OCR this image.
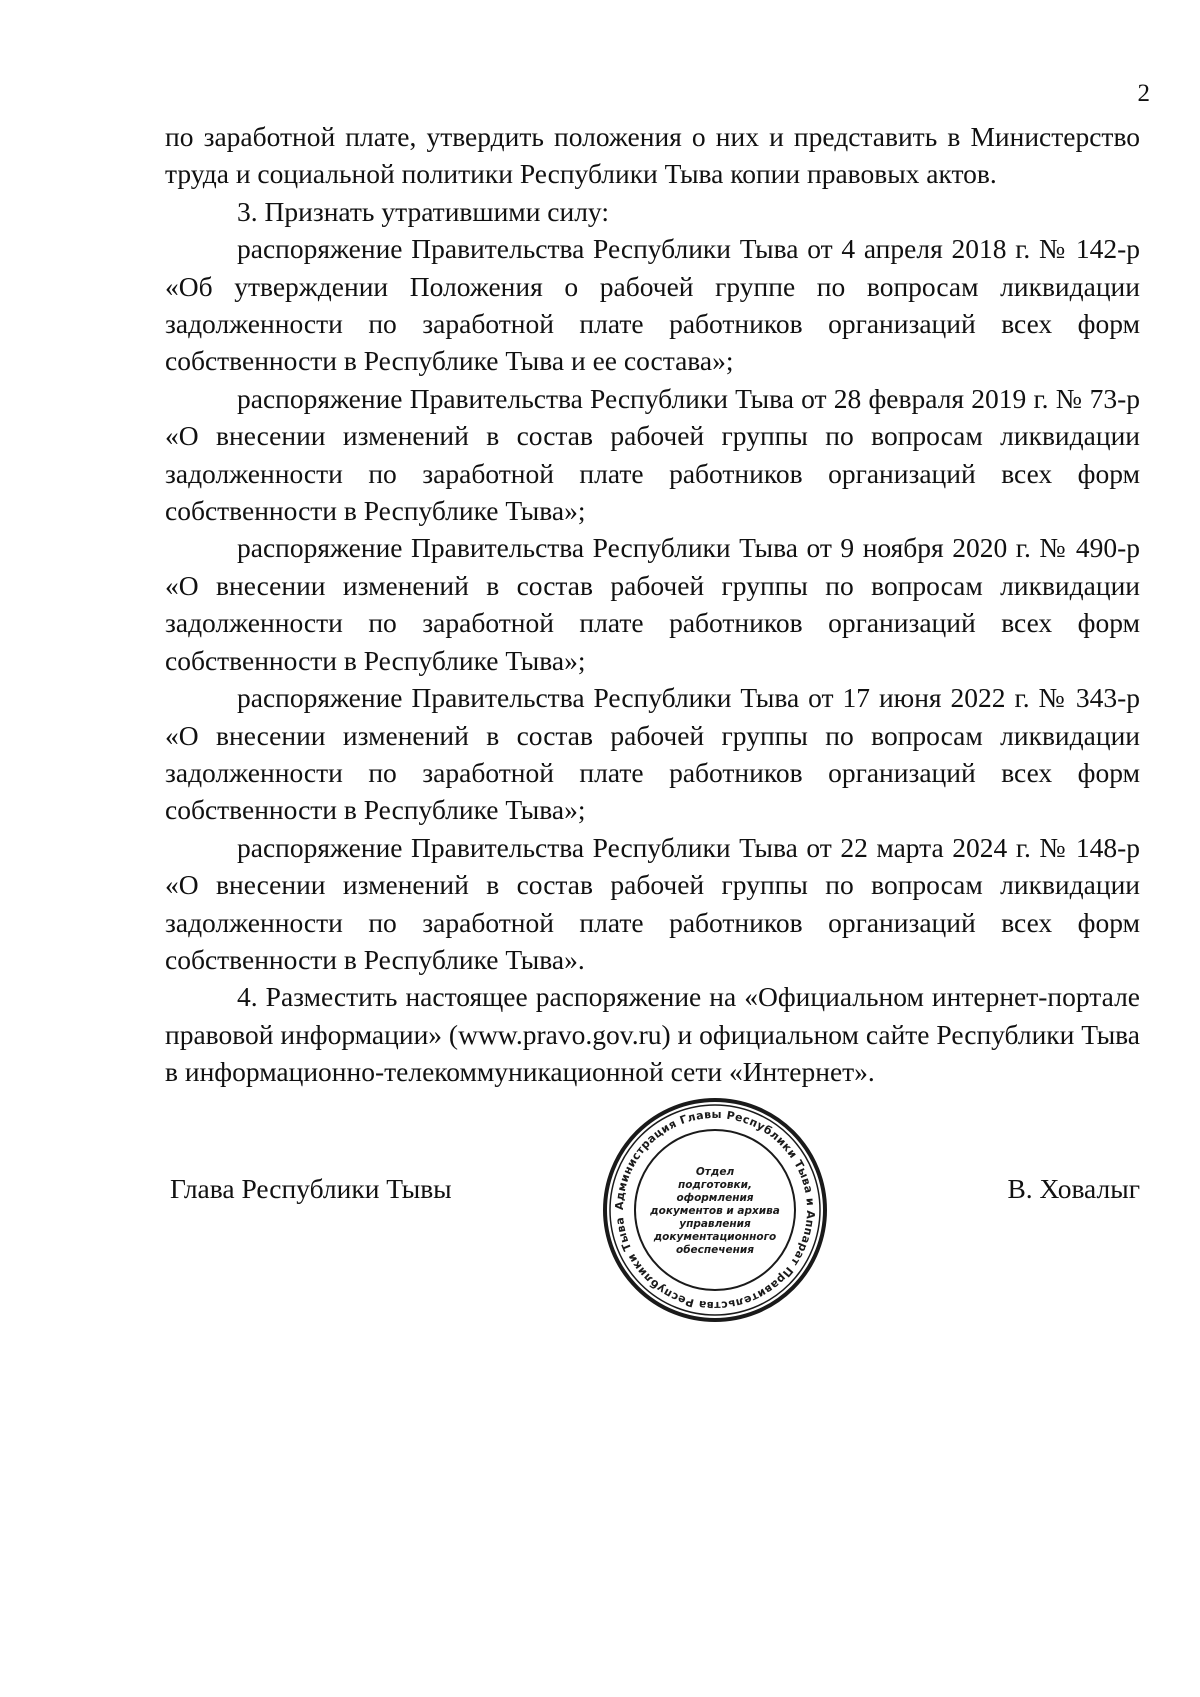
2

по заработной плате, утвердить положения о них и представить в Министерство труда и социальной политики Республики Тыва копии правовых актов.

3. Признать утратившими силу:

распоряжение Правительства Республики Тыва от 4 апреля 2018 г. № 142-р «Об утверждении Положения о рабочей группе по вопросам ликвидации задолженности по заработной плате работников организаций всех форм собственности в Республике Тыва и ее состава»;

распоряжение Правительства Республики Тыва от 28 февраля 2019 г. № 73-р «О внесении изменений в состав рабочей группы по вопросам ликвидации задолженности по заработной плате работников организаций всех форм собственности в Республике Тыва»;

распоряжение Правительства Республики Тыва от 9 ноября 2020 г. № 490-р «О внесении изменений в состав рабочей группы по вопросам ликвидации задолженности по заработной плате работников организаций всех форм собственности в Республике Тыва»;

распоряжение Правительства Республики Тыва от 17 июня 2022 г. № 343-р «О внесении изменений в состав рабочей группы по вопросам ликвидации задолженности по заработной плате работников организаций всех форм собственности в Республике Тыва»;

распоряжение Правительства Республики Тыва от 22 марта 2024 г. № 148-р «О внесении изменений в состав рабочей группы по вопросам ликвидации задолженности по заработной плате работников организаций всех форм собственности в Республике Тыва».

4. Разместить настоящее распоряжение на «Официальном интернет-портале правовой информации» (www.pravo.gov.ru) и официальном сайте Республики Тыва в информационно-телекоммуникационной сети «Интернет».

Глава Республики Тывы	В. Ховалыг
Администрация Главы Республики Тыва и Аппарат Правительства Республики Тыва
Отдел
подготовки,
оформления
документов и архива
управления
документационного
обеспечения
